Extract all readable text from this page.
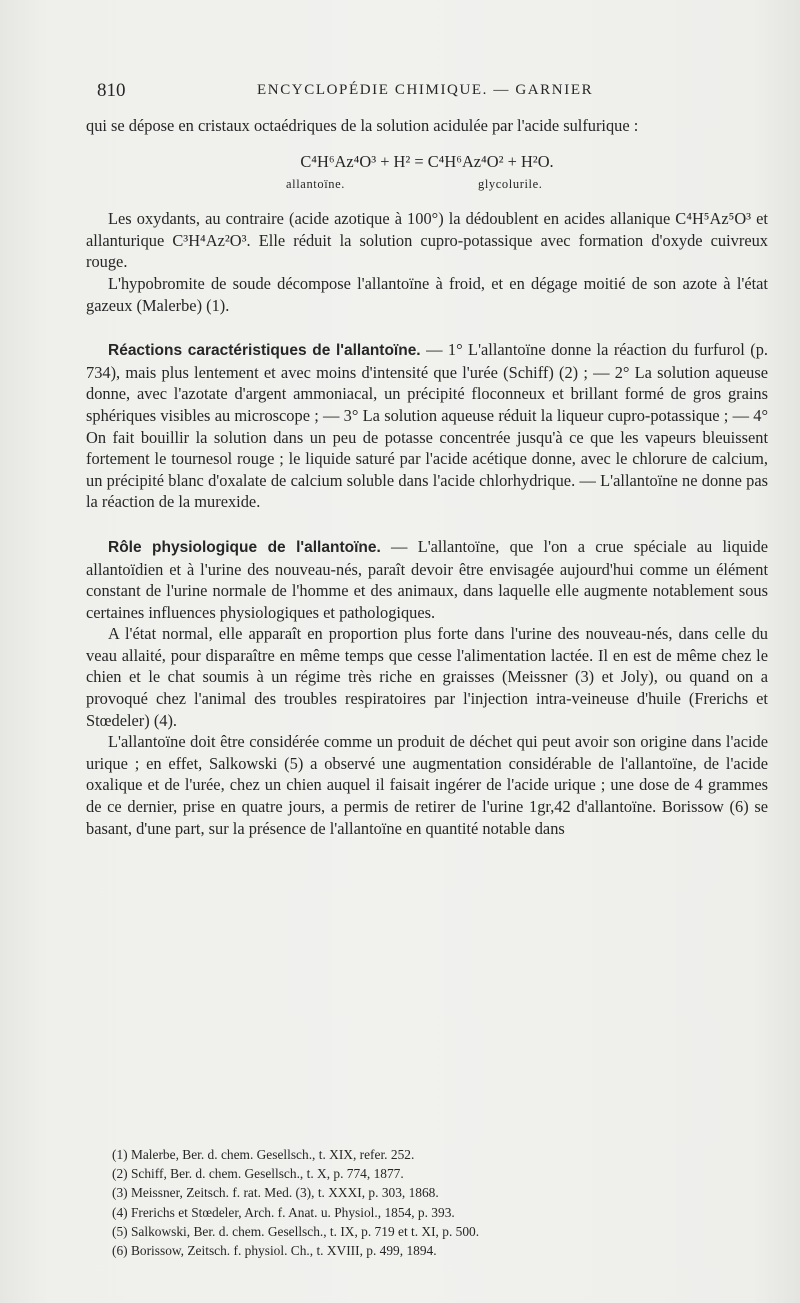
810	ENCYCLOPÉDIE CHIMIQUE. — GARNIER

qui se dépose en cristaux octaédriques de la solution acidulée par l'acide sulfurique :

C⁴H⁶Az⁴O³ + H² = C⁴H⁶Az⁴O² + H²O.
allantoïne.	glycolurile.

Les oxydants, au contraire (acide azotique à 100°) la dédoublent en acides allanique C⁴H⁵Az⁵O³ et allanturique C³H⁴Az²O³. Elle réduit la solution cupro-potassique avec formation d'oxyde cuivreux rouge.

L'hypobromite de soude décompose l'allantoïne à froid, et en dégage moitié de son azote à l'état gazeux (Malerbe) (1).

Réactions caractéristiques de l'allantoïne. — 1° L'allantoïne donne la réaction du furfurol (p. 734), mais plus lentement et avec moins d'intensité que l'urée (Schiff) (2) ; — 2° La solution aqueuse donne, avec l'azotate d'argent ammoniacal, un précipité floconneux et brillant formé de gros grains sphériques visibles au microscope ; — 3° La solution aqueuse réduit la liqueur cupro-potassique ; — 4° On fait bouillir la solution dans un peu de potasse concentrée jusqu'à ce que les vapeurs bleuissent fortement le tournesol rouge ; le liquide saturé par l'acide acétique donne, avec le chlorure de calcium, un précipité blanc d'oxalate de calcium soluble dans l'acide chlorhydrique. — L'allantoïne ne donne pas la réaction de la murexide.

Rôle physiologique de l'allantoïne. — L'allantoïne, que l'on a crue spéciale au liquide allantoïdien et à l'urine des nouveau-nés, paraît devoir être envisagée aujourd'hui comme un élément constant de l'urine normale de l'homme et des animaux, dans laquelle elle augmente notablement sous certaines influences physiologiques et pathologiques.

A l'état normal, elle apparaît en proportion plus forte dans l'urine des nouveau-nés, dans celle du veau allaité, pour disparaître en même temps que cesse l'alimentation lactée. Il en est de même chez le chien et le chat soumis à un régime très riche en graisses (Meissner (3) et Joly), ou quand on a provoqué chez l'animal des troubles respiratoires par l'injection intra-veineuse d'huile (Frerichs et Stœdeler) (4).

L'allantoïne doit être considérée comme un produit de déchet qui peut avoir son origine dans l'acide urique ; en effet, Salkowski (5) a observé une augmentation considérable de l'allantoïne, de l'acide oxalique et de l'urée, chez un chien auquel il faisait ingérer de l'acide urique ; une dose de 4 grammes de ce dernier, prise en quatre jours, a permis de retirer de l'urine 1gr,42 d'allantoïne. Borissow (6) se basant, d'une part, sur la présence de l'allantoïne en quantité notable dans

(1) Malerbe, Ber. d. chem. Gesellsch., t. XIX, refer. 252.
(2) Schiff, Ber. d. chem. Gesellsch., t. X, p. 774, 1877.
(3) Meissner, Zeitsch. f. rat. Med. (3), t. XXXI, p. 303, 1868.
(4) Frerichs et Stœdeler, Arch. f. Anat. u. Physiol., 1854, p. 393.
(5) Salkowski, Ber. d. chem. Gesellsch., t. IX, p. 719 et t. XI, p. 500.
(6) Borissow, Zeitsch. f. physiol. Ch., t. XVIII, p. 499, 1894.
